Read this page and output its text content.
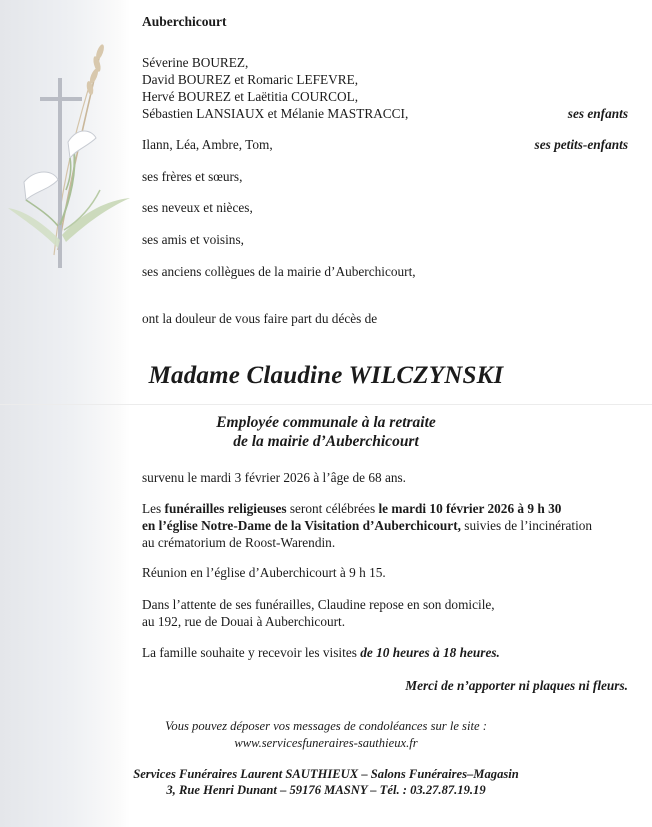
Auberchicourt
Séverine BOUREZ,
David BOUREZ et Romaric LEFEVRE,
Hervé BOUREZ et Laëtitia COURCOL,
Sébastien LANSIAUX et Mélanie MASTRACCI,	ses enfants
Ilann, Léa, Ambre, Tom,	ses petits-enfants
ses frères et sœurs,
ses neveux et nièces,
ses amis et voisins,
ses anciens collègues de la mairie d’Auberchicourt,
ont la douleur de vous faire part du décès de
Madame Claudine WILCZYNSKI
Employée communale à la retraite
de la mairie d’Auberchicourt
survenu le mardi 3 février 2026 à l’âge de 68 ans.
Les funérailles religieuses seront célébrées le mardi 10 février 2026 à 9 h 30
en l’église Notre-Dame de la Visitation d’Auberchicourt, suivies de l’incinération
au crématorium de Roost-Warendin.
Réunion en l’église d’Auberchicourt à 9 h 15.
Dans l’attente de ses funérailles, Claudine repose en son domicile,
au 192, rue de Douai à Auberchicourt.
La famille souhaite y recevoir les visites de 10 heures à 18 heures.
Merci de n’apporter ni plaques ni fleurs.
Vous pouvez déposer vos messages de condoléances sur le site :
www.servicesfuneraires-sauthieux.fr
Services Funéraires Laurent SAUTHIEUX – Salons Funéraires–Magasin
3, Rue Henri Dunant – 59176 MASNY – Tél. : 03.27.87.19.19
